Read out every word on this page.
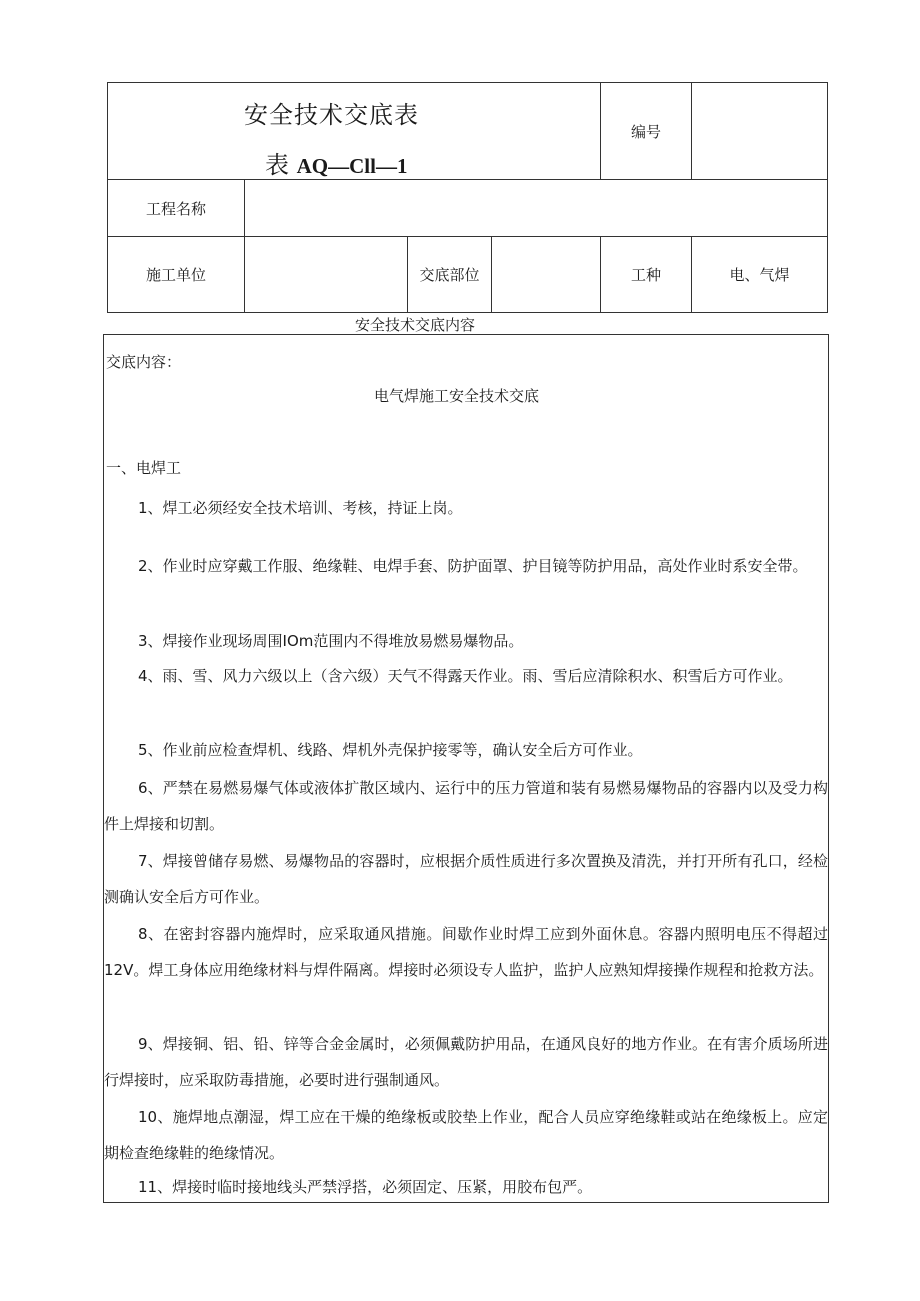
安全技术交底表
表 AQ—Cll—1				编号	
工程名称					
施工单位		交底部位		工种	电、气焊
安全技术交底内容
交底内容：
电气焊施工安全技术交底
一、电焊工
1、焊工必须经安全技术培训、考核，持证上岗。
2、作业时应穿戴工作服、绝缘鞋、电焊手套、防护面罩、护目镜等防护用品，高处作业时系安全带。
3、焊接作业现场周围IOm范围内不得堆放易燃易爆物品。
4、雨、雪、风力六级以上（含六级）天气不得露天作业。雨、雪后应清除积水、积雪后方可作业。
5、作业前应检查焊机、线路、焊机外壳保护接零等，确认安全后方可作业。
6、严禁在易燃易爆气体或液体扩散区域内、运行中的压力管道和装有易燃易爆物品的容器内以及受力构件上焊接和切割。
7、焊接曾储存易燃、易爆物品的容器时，应根据介质性质进行多次置换及清洗，并打开所有孔口，经检测确认安全后方可作业。
8、在密封容器内施焊时，应采取通风措施。间歇作业时焊工应到外面休息。容器内照明电压不得超过12V。焊工身体应用绝缘材料与焊件隔离。焊接时必须设专人监护，监护人应熟知焊接操作规程和抢救方法。
9、焊接铜、铝、铅、锌等合金金属时，必须佩戴防护用品，在通风良好的地方作业。在有害介质场所进行焊接时，应采取防毒措施，必要时进行强制通风。
10、施焊地点潮湿，焊工应在干燥的绝缘板或胶垫上作业，配合人员应穿绝缘鞋或站在绝缘板上。应定期检查绝缘鞋的绝缘情况。
11、焊接时临时接地线头严禁浮搭，必须固定、压紧，用胶布包严。
